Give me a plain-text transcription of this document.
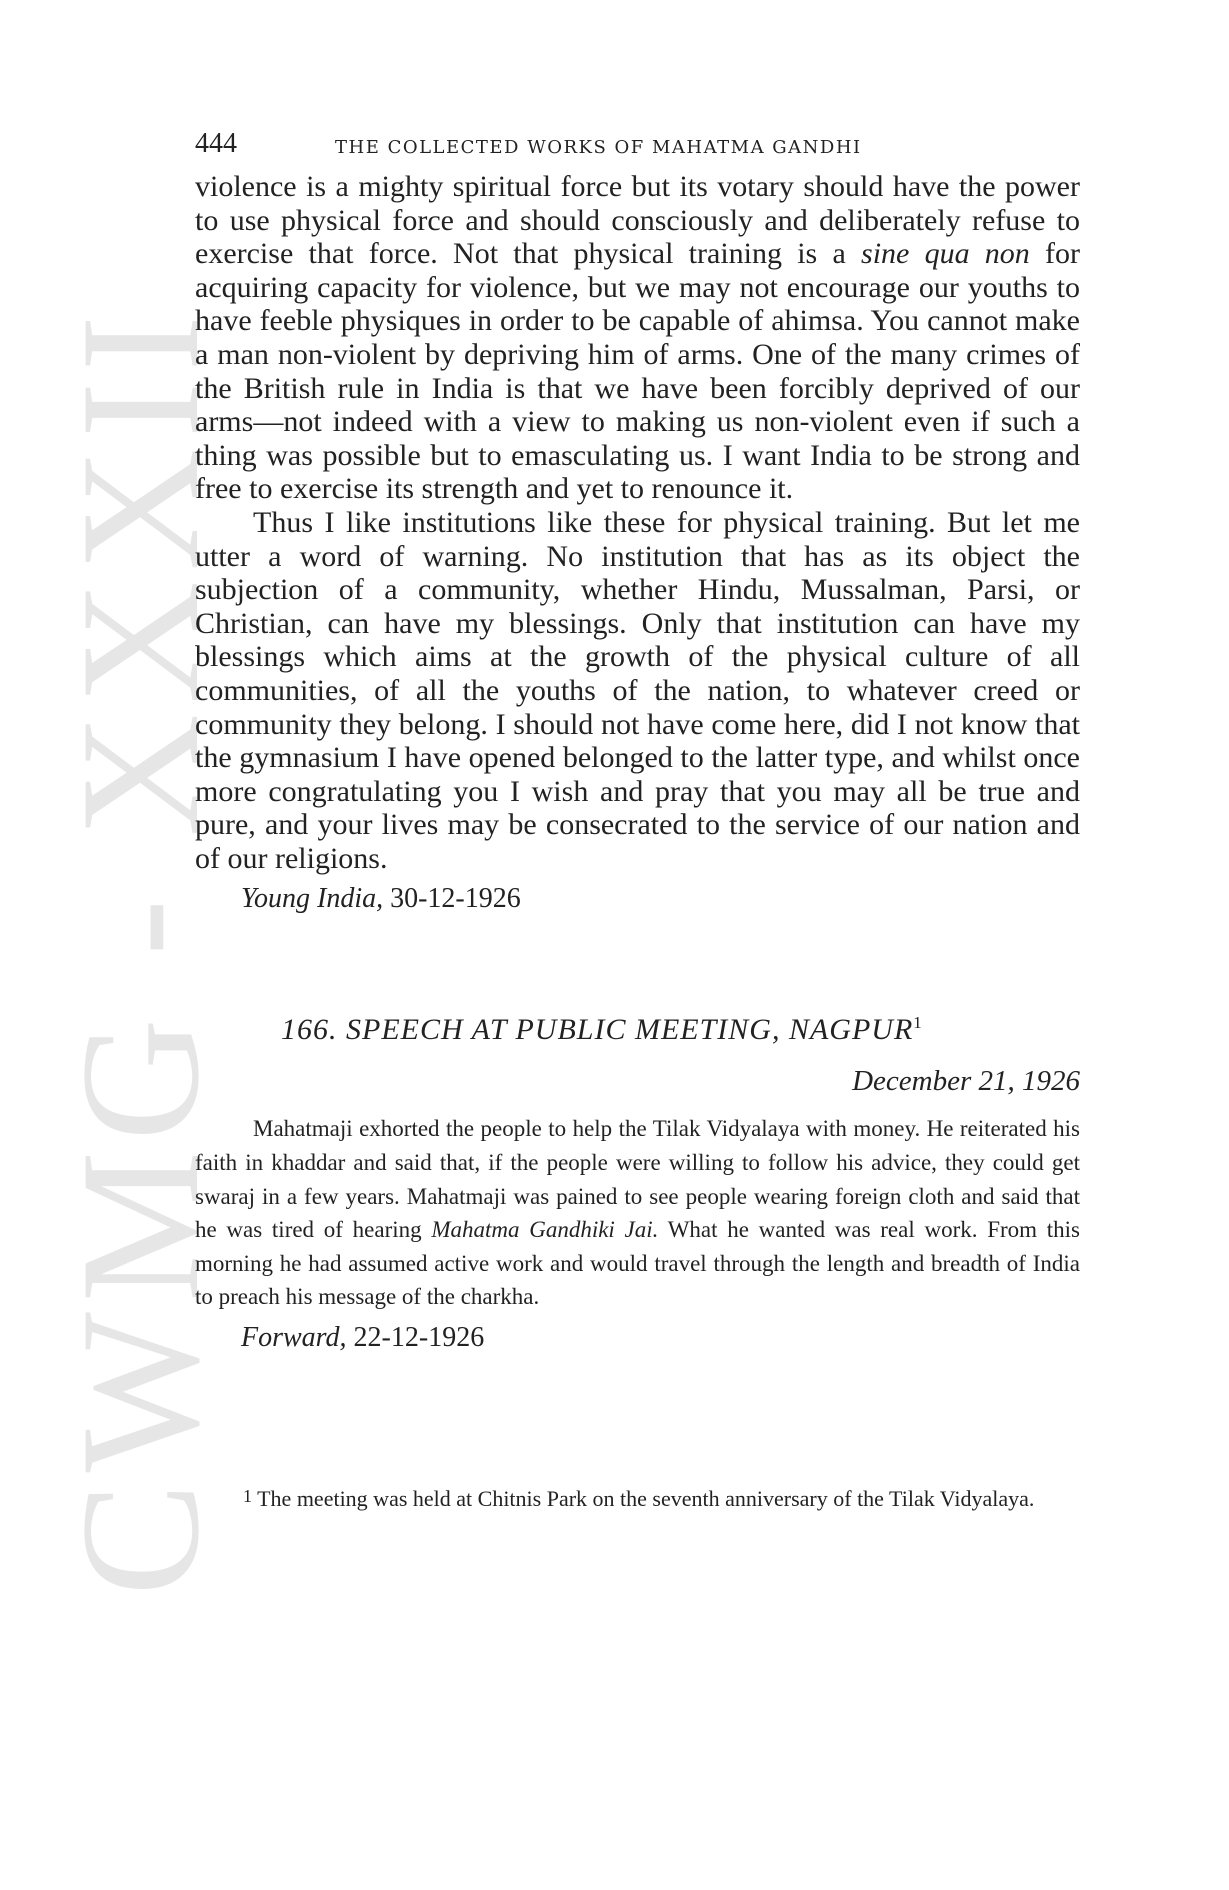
CWMG - XXXII
444	THE COLLECTED WORKS OF MAHATMA GANDHI

violence is a mighty spiritual force but its votary should have the power to use physical force and should consciously and deliberately refuse to exercise that force. Not that physical training is a sine qua non for acquiring capacity for violence, but we may not encourage our youths to have feeble physiques in order to be capable of ahimsa. You cannot make a man non-violent by depriving him of arms. One of the many crimes of the British rule in India is that we have been forcibly deprived of our arms—not indeed with a view to making us non-violent even if such a thing was possible but to emasculating us. I want India to be strong and free to exercise its strength and yet to renounce it.

Thus I like institutions like these for physical training. But let me utter a word of warning. No institution that has as its object the subjection of a community, whether Hindu, Mussalman, Parsi, or Christian, can have my blessings. Only that institution can have my blessings which aims at the growth of the physical culture of all communities, of all the youths of the nation, to whatever creed or community they belong. I should not have come here, did I not know that the gymnasium I have opened belonged to the latter type, and whilst once more congratulating you I wish and pray that you may all be true and pure, and your lives may be consecrated to the service of our nation and of our religions.

Young India, 30-12-1926
166. SPEECH AT PUBLIC MEETING, NAGPUR$^1$
December 21, 1926

Mahatmaji exhorted the people to help the Tilak Vidyalaya with money. He reiterated his faith in khaddar and said that, if the people were willing to follow his advice, they could get swaraj in a few years. Mahatmaji was pained to see people wearing foreign cloth and said that he was tired of hearing Mahatma Gandhiki Jai. What he wanted was real work. From this morning he had assumed active work and would travel through the length and breadth of India to preach his message of the charkha.

Forward, 22-12-1926
1 The meeting was held at Chitnis Park on the seventh anniversary of the Tilak Vidyalaya.
